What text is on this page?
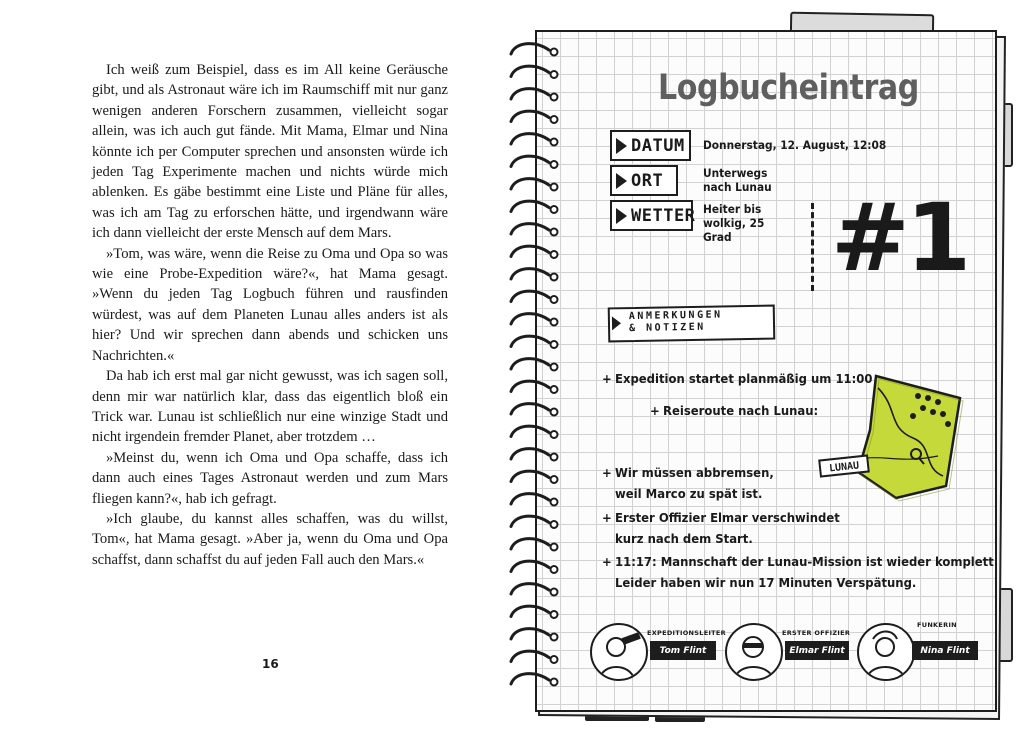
Ich weiß zum Beispiel, dass es im All keine Geräusche gibt, und als Astronaut wäre ich im Raumschiff mit nur ganz wenigen anderen Forschern zusammen, vielleicht sogar allein, was ich auch gut fände. Mit Mama, Elmar und Nina könnte ich per Computer sprechen und ansonsten würde ich jeden Tag Experimente machen und nichts würde mich ablenken. Es gäbe bestimmt eine Liste und Pläne für alles, was ich am Tag zu erforschen hätte, und irgendwann wäre ich dann vielleicht der erste Mensch auf dem Mars.

»Tom, was wäre, wenn die Reise zu Oma und Opa so was wie eine Probe-Expedition wäre?«, hat Mama gesagt. »Wenn du jeden Tag Logbuch führen und rausfinden würdest, was auf dem Planeten Lunau alles anders ist als hier? Und wir sprechen dann abends und schicken uns Nachrichten.«

Da hab ich erst mal gar nicht gewusst, was ich sagen soll, denn mir war natürlich klar, dass das eigentlich bloß ein Trick war. Lunau ist schließlich nur eine winzige Stadt und nicht irgendein fremder Planet, aber trotzdem …

»Meinst du, wenn ich Oma und Opa schaffe, dass ich dann auch eines Tages Astronaut werden und zum Mars fliegen kann?«, hab ich gefragt.

»Ich glaube, du kannst alles schaffen, was du willst, Tom«, hat Mama gesagt. »Aber ja, wenn du Oma und Opa schaffst, dann schaffst du auf jeden Fall auch den Mars.«

16
Logbucheintrag
DATUM Donnerstag, 12. August, 12:08
ORT	Unterwegs nach Lunau
WETTER Heiter bis wolkig, 25 Grad	#1
ANMERKUNGEN
& NOTIZEN
+ Expedition startet planmäßig um 11:00
+ Reiseroute nach Lunau:
+ Wir müssen abbremsen,
weil Marco zu spät ist.
+ Erster Offizier Elmar verschwindet
kurz nach dem Start.
+ 11:17: Mannschaft der Lunau-Mission ist wieder komplett.
Leider haben wir nun 17 Minuten Verspätung.
LUNAU
EXPEDITIONSLEITER
Tom Flint
ERSTER OFFIZIER
Elmar Flint
FUNKERIN
Nina Flint
